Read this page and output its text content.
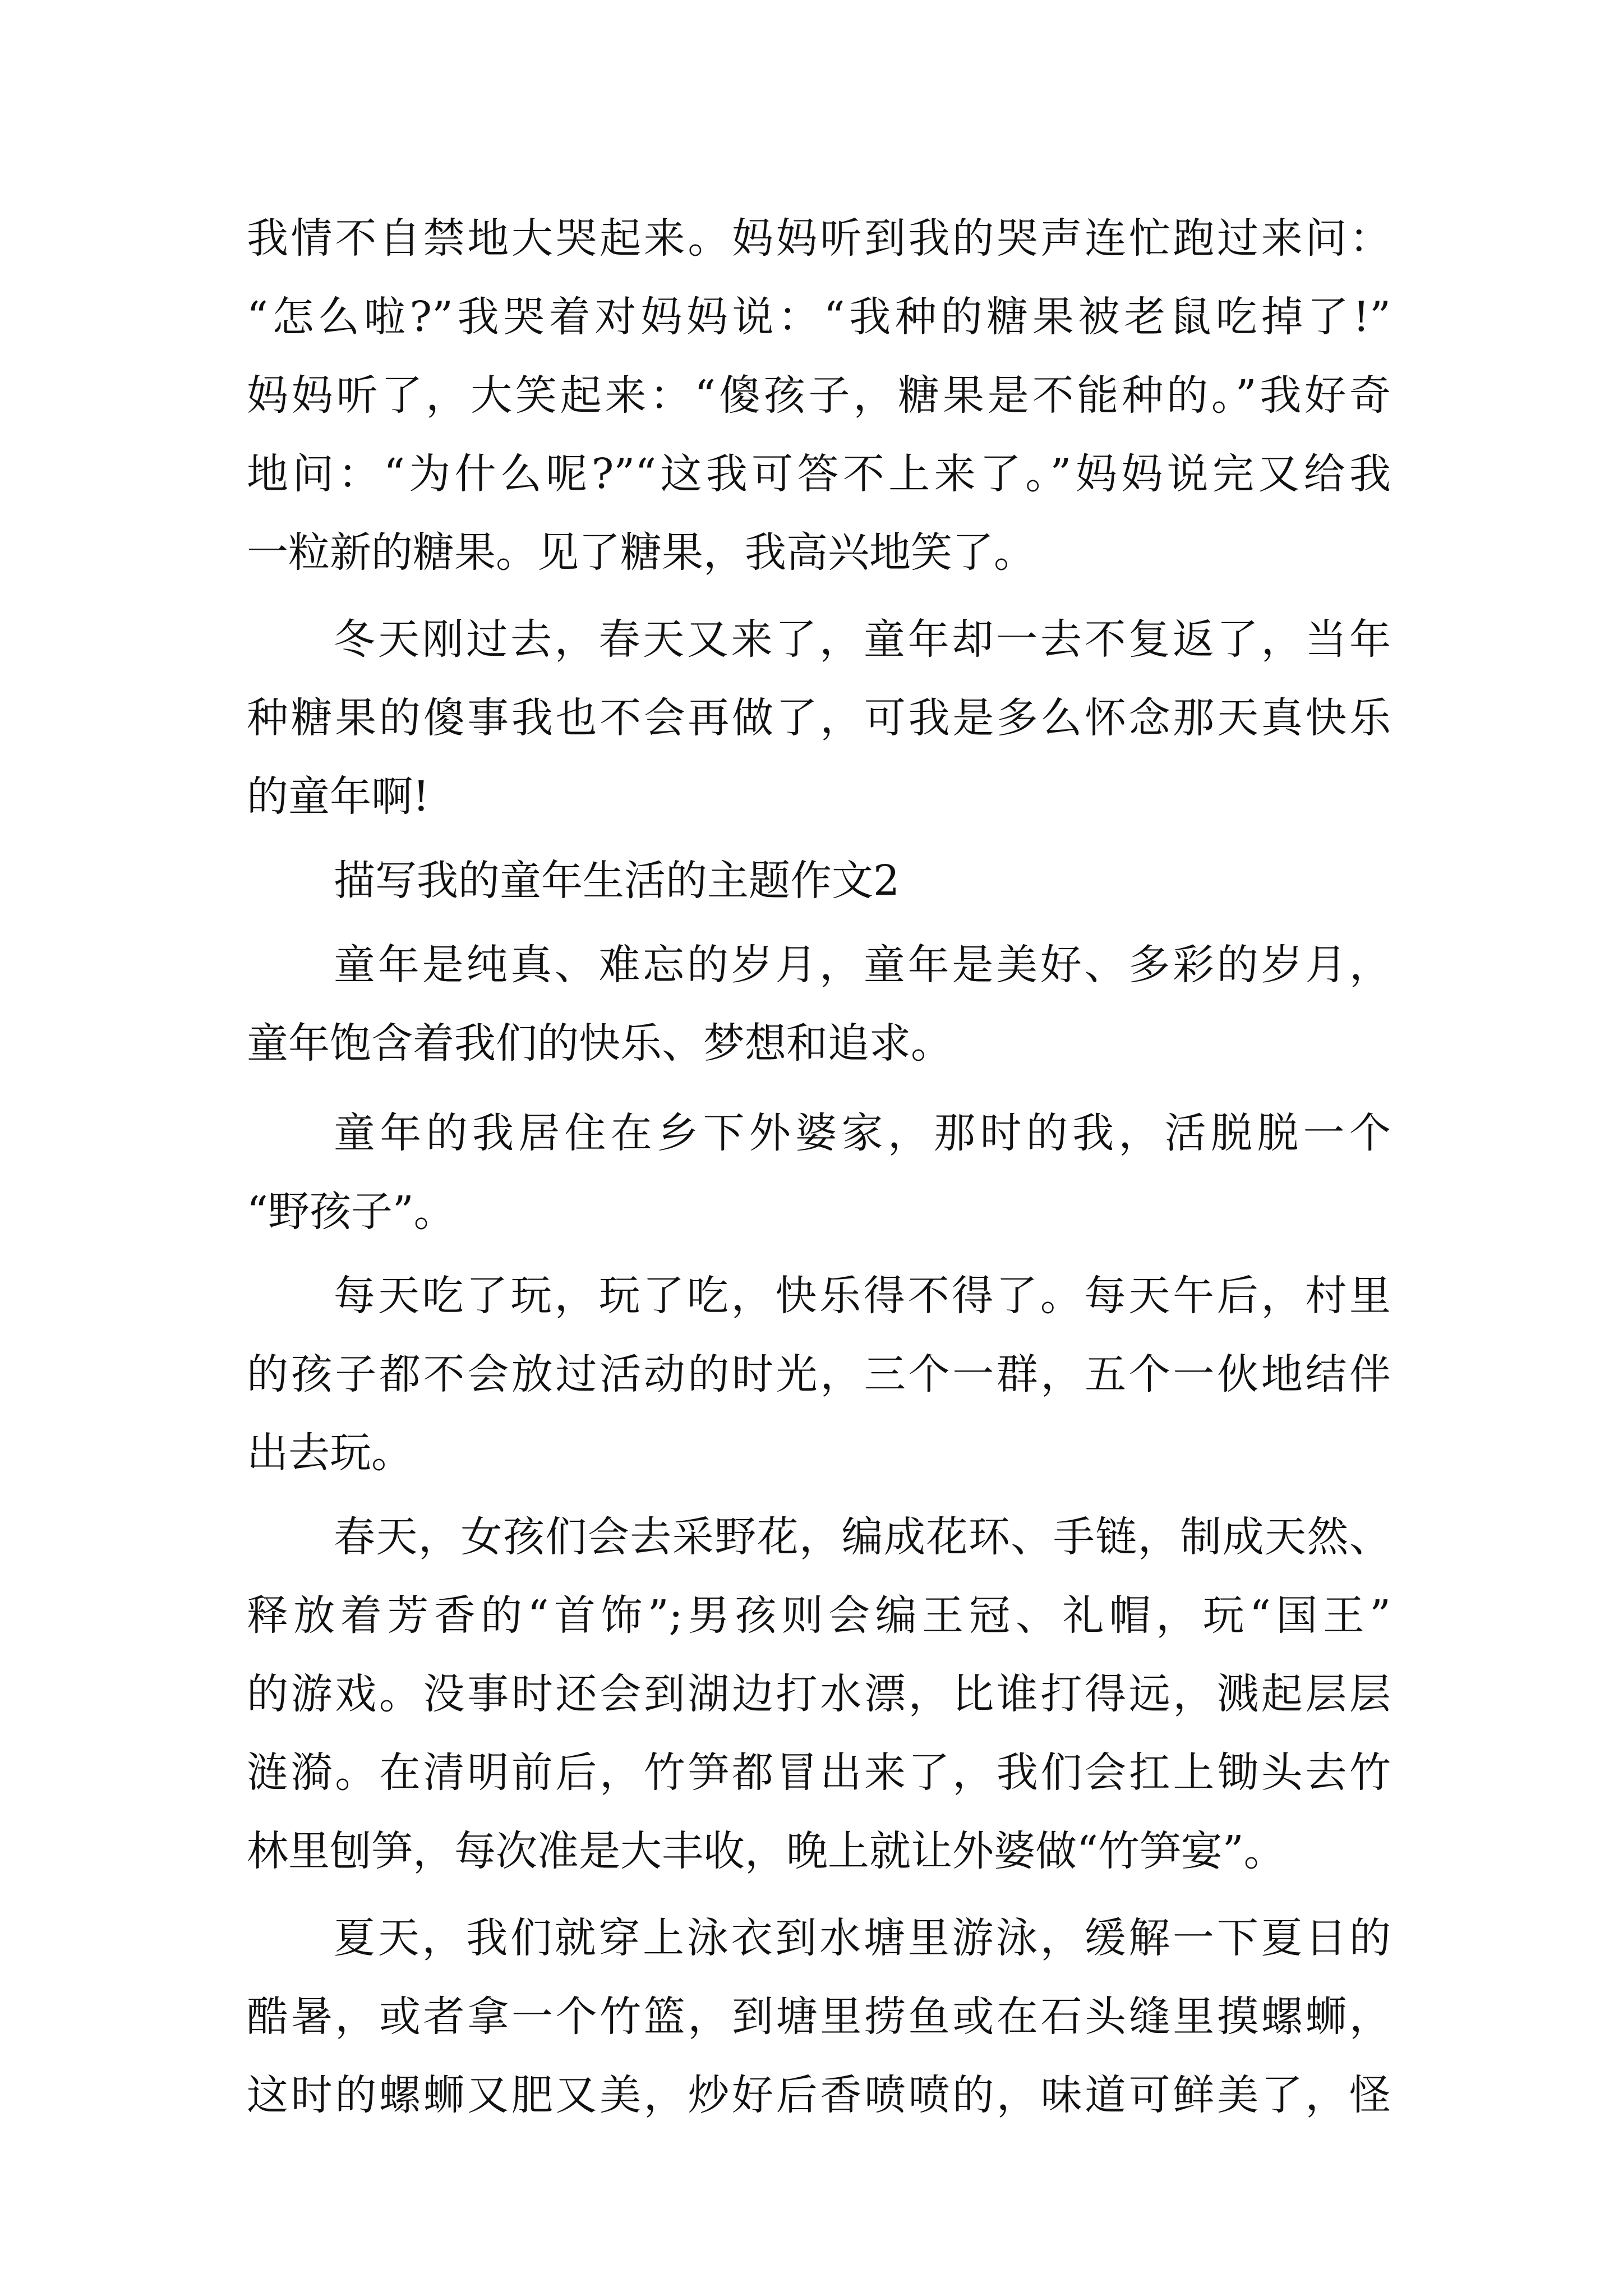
我情不自禁地大哭起来。妈妈听到我的哭声连忙跑过来问：

“怎么啦?”我哭着对妈妈说：“我种的糖果被老鼠吃掉了!”

妈妈听了，大笑起来：“傻孩子，糖果是不能种的。”我好奇

地问：“为什么呢?”“这我可答不上来了。”妈妈说完又给我

一粒新的糖果。见了糖果，我高兴地笑了。

冬天刚过去，春天又来了，童年却一去不复返了，当年

种糖果的傻事我也不会再做了，可我是多么怀念那天真快乐

的童年啊!

描写我的童年生活的主题作文2

童年是纯真、难忘的岁月，童年是美好、多彩的岁月，

童年饱含着我们的快乐、梦想和追求。

童年的我居住在乡下外婆家，那时的我，活脱脱一个

“野孩子”。

每天吃了玩，玩了吃，快乐得不得了。每天午后，村里

的孩子都不会放过活动的时光，三个一群，五个一伙地结伴

出去玩。

春天，女孩们会去采野花，编成花环、手链，制成天然、

释放着芳香的“首饰”;男孩则会编王冠、礼帽，玩“国王”

的游戏。没事时还会到湖边打水漂，比谁打得远，溅起层层

涟漪。在清明前后，竹笋都冒出来了，我们会扛上锄头去竹

林里刨笋，每次准是大丰收，晚上就让外婆做“竹笋宴”。

夏天，我们就穿上泳衣到水塘里游泳，缓解一下夏日的

酷暑，或者拿一个竹篮，到塘里捞鱼或在石头缝里摸螺蛳，

这时的螺蛳又肥又美，炒好后香喷喷的，味道可鲜美了，怪
